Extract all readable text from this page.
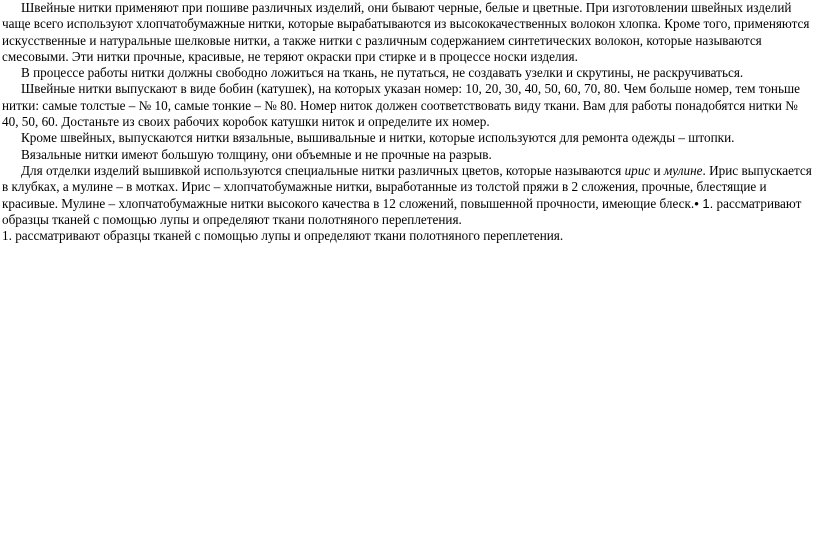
Швейные нитки применяют при пошиве различных изделий, они бывают черные, белые и цветные. При изготовлении швейных изделий чаще всего используют хлопчатобумажные нитки, которые вырабатываются из высококачественных волокон хлопка. Кроме того, применяются искусственные и натуральные шелковые нитки, а также нитки с различным содержанием синтетических волокон, которые называются смесовыми. Эти нитки прочные, красивые, не теряют окраски при стирке и в процессе носки изделия.

В процессе работы нитки должны свободно ложиться на ткань, не путаться, не создавать узелки и скрутины, не раскручиваться.

Швейные нитки выпускают в виде бобин (катушек), на которых указан номер: 10, 20, 30, 40, 50, 60, 70, 80. Чем больше номер, тем тоньше нитки: самые толстые – № 10, самые тонкие – № 80. Номер ниток должен соответствовать виду ткани. Вам для работы понадобятся нитки № 40, 50, 60. Достаньте из своих рабочих коробок катушки ниток и определите их номер.

Кроме швейных, выпускаются нитки вязальные, вышивальные и нитки, которые используются для ремонта одежды – штопки.

Вязальные нитки имеют большую толщину, они объемные и не прочные на разрыв.

Для отделки изделий вышивкой используются специальные нитки различных цветов, которые называются ирис и мулине. Ирис выпускается в клубках, а мулине – в мотках. Ирис – хлопчатобумажные нитки, выработанные из толстой пряжи в 2 сложения, прочные, блестящие и красивые. Мулине – хлопчатобумажные нитки высокого качества в 12 сложений, повышенной прочности, имеющие блеск.• 1. рассматривают образцы тканей с помощью лупы и определяют ткани полотняного переплетения.

1. рассматривают образцы тканей с помощью лупы и определяют ткани полотняного переплетения.
